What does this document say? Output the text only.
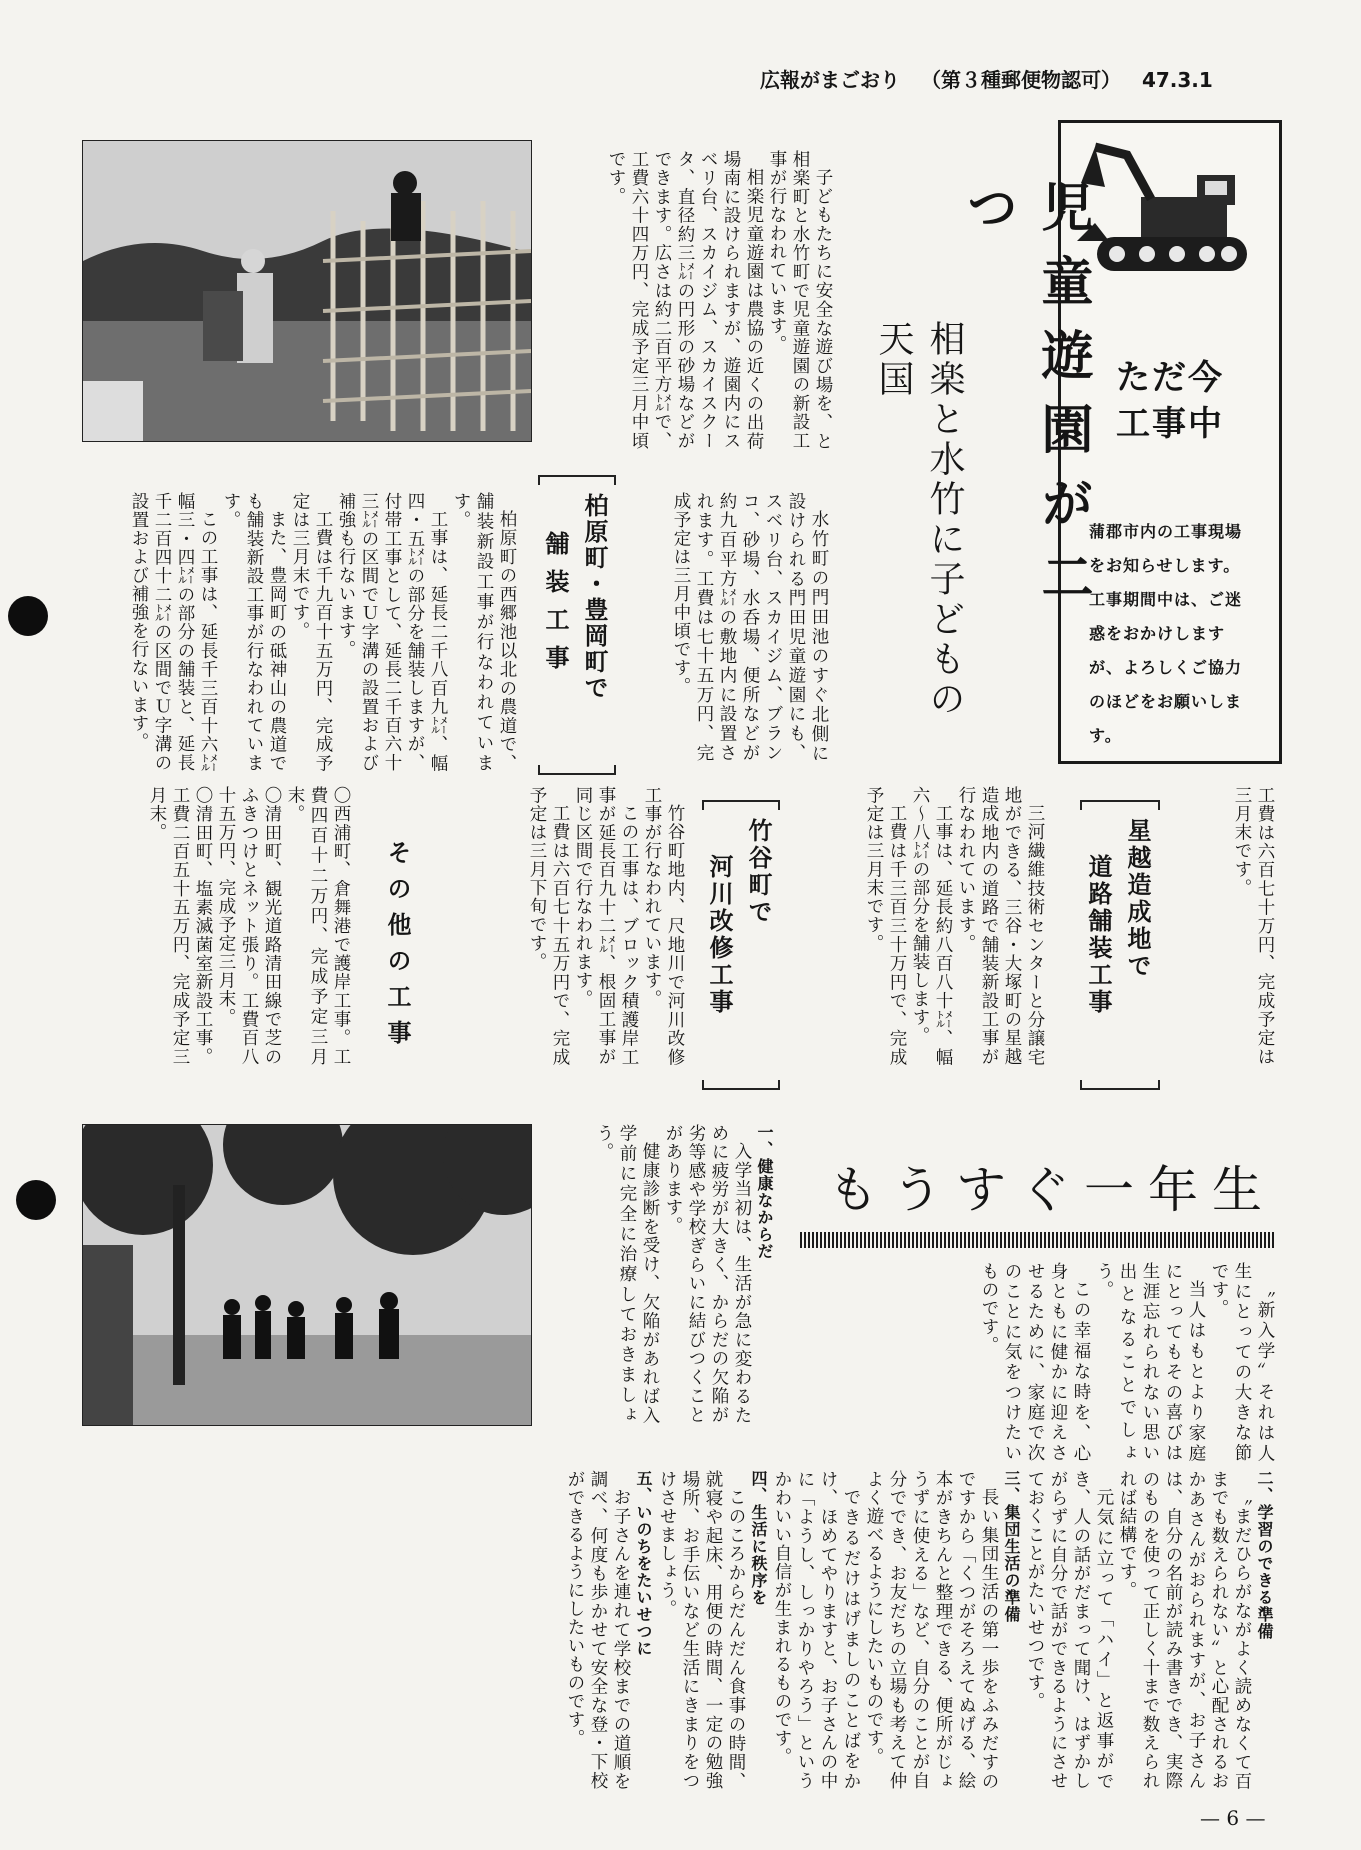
広報がまごおり （第３種郵便物認可） 47.3.1
ただ今
工事中
蒲郡市内の工事現場をお知らせします。工事期間中は、ご迷惑をおかけしますが、よろしくご協力のほどをお願いします。
児童遊園が二つ
相楽と水竹に子どもの天国

子どもたちに安全な遊び場を、と相楽町と水竹町で児童遊園の新設工事が行なわれています。

相楽児童遊園は農協の近くの出荷場南に設けられますが、遊園内にスベリ台、スカイジム、スカイスクータ、直径約三㍍の円形の砂場などができます。広さは約二百平方㍍で、工費六十四万円、完成予定三月中頃です。

水竹町の門田池のすぐ北側に設けられる門田児童遊園にも、スベリ台、スカイジム、ブランコ、砂場、水呑場、便所などが約九百平方㍍の敷地内に設置されます。工費は七十五万円、完成予定は三月中頃です。

柏原町・豊岡町で
舗装工事

柏原町の西郷池以北の農道で、舗装新設工事が行なわれています。

工事は、延長二千八百九㍍、幅四・五㍍の部分を舗装しますが、付帯工事として、延長二千百六十三㍍の区間でＵ字溝の設置および補強も行ないます。

工費は千九百十五万円、完成予定は三月末です。

また、豊岡町の砥神山の農道でも舗装新設工事が行なわれています。

この工事は、延長千三百十六㍍幅三・四㍍の部分の舗装と、延長千二百四十二㍍の区間でＵ字溝の設置および補強を行ないます。

工費は六百七十万円、完成予定は三月末です。

星越造成地で
道路舗装工事

三河繊維技術センターと分譲宅地ができる、三谷・大塚町の星越造成地内の道路で舗装新設工事が行なわれています。

工事は、延長約八百八十㍍、幅六～八㍍の部分を舗装します。

工費は千三百三十万円で、完成予定は三月末です。

竹谷町で
河川改修工事

竹谷町地内、尺地川で河川改修工事が行なわれています。

この工事は、ブロック積護岸工事が延長百九十二㍍、根固工事が同じ区間で行なわれます。

工費は六百七十五万円で、完成予定は三月下旬です。

その他の工事

〇西浦町、倉舞港で護岸工事。工費四百十二万円、完成予定三月末。

〇清田町、観光道路清田線で芝のふきつけとネット張り。工費百八十五万円、完成予定三月末。

〇清田町、塩素滅菌室新設工事。工費二百五十五万円、完成予定三月末。

もうすぐ一年生

〝新入学〟それは人生にとっての大きな節です。

当人はもとより家庭にとってもその喜びは生涯忘れられない思い出となることでしょう。

この幸福な時を、心身ともに健かに迎えさせるために、家庭で次のことに気をつけたいものです。

一、健康なからだ

入学当初は、生活が急に変わるために疲労が大きく、からだの欠陥が劣等感や学校ぎらいに結びつくことがあります。

健康診断を受け、欠陥があれば入学前に完全に治療しておきましょう。

二、学習のできる準備

〝まだひらがながよく読めなくて百までも数えられない〟と心配されるおかあさんがおられますが、お子さんは、自分の名前が読み書きでき、実際のものを使って正しく十まで数えられれば結構です。

元気に立って「ハイ」と返事ができ、人の話がだまって聞け、はずかしがらずに自分で話ができるようにさせておくことがたいせつです。

三、集団生活の準備

長い集団生活の第一歩をふみだすのですから「くつがそろえてぬげる、絵本がきちんと整理できる、便所がじょうずに使える」など、自分のことが自分ででき、お友だちの立場も考えて仲よく遊べるようにしたいものです。

できるだけはげましのことばをかけ、ほめてやりますと、お子さんの中に「ようし、しっかりやろう」というかわいい自信が生まれるものです。

四、生活に秩序を

このころからだんだん食事の時間、就寝や起床、用便の時間、一定の勉強場所、お手伝いなど生活にきまりをつけさせましょう。

五、いのちをたいせつに

お子さんを連れて学校までの道順を調べ、何度も歩かせて安全な登・下校ができるようにしたいものです。

— 6 —
